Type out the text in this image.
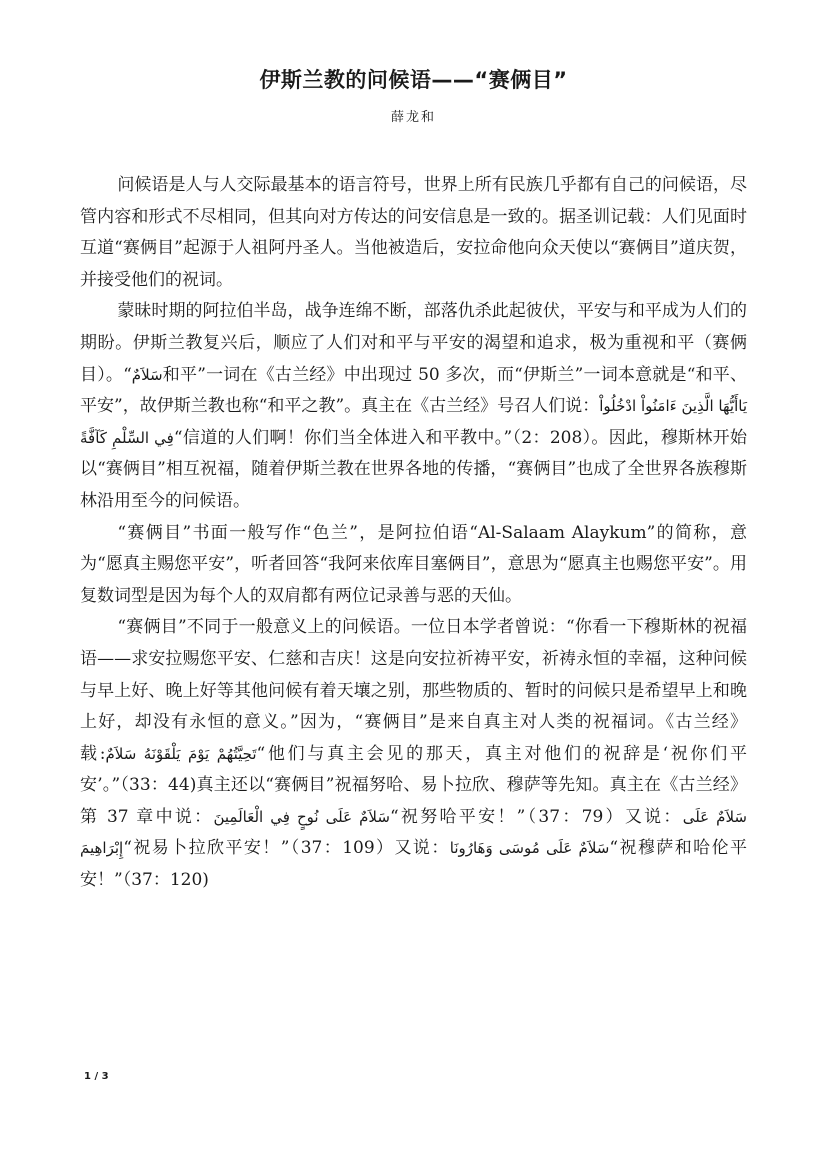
伊斯兰教的问候语——“赛俩目”
薛龙和

问候语是人与人交际最基本的语言符号，世界上所有民族几乎都有自己的问候语，尽管内容和形式不尽相同，但其向对方传达的问安信息是一致的。据圣训记载：人们见面时互道“赛俩目”起源于人祖阿丹圣人。当他被造后，安拉命他向众天使以“赛俩目”道庆贺，并接受他们的祝词。

蒙昧时期的阿拉伯半岛，战争连绵不断，部落仇杀此起彼伏，平安与和平成为人们的期盼。伊斯兰教复兴后，顺应了人们对和平与平安的渴望和追求，极为重视和平（赛俩目）。“سَلاَمٌ和平”一词在《古兰经》中出现过 50 多次，而“伊斯兰”一词本意就是“和平、平安”，故伊斯兰教也称“和平之教”。真主在《古兰经》号召人们说：يَاأَيُّهَا الَّذِينَ ءَامَنُواْ ادْخُلُواْ فِي السِّلْمِ كَآفَّةً“信道的人们啊！你们当全体进入和平教中。”（2：208）。因此，穆斯林开始以“赛俩目”相互祝福，随着伊斯兰教在世界各地的传播，“赛俩目”也成了全世界各族穆斯林沿用至今的问候语。

“赛俩目”书面一般写作“色兰”，是阿拉伯语“Al-Salaam Alaykum”的简称，意为“愿真主赐您平安”，听者回答“我阿来依库目塞俩目”，意思为“愿真主也赐您平安”。用复数词型是因为每个人的双肩都有两位记录善与恶的天仙。

“赛俩目”不同于一般意义上的问候语。一位日本学者曾说：“你看一下穆斯林的祝福语——求安拉赐您平安、仁慈和吉庆！这是向安拉祈祷平安，祈祷永恒的幸福，这种问候与早上好、晚上好等其他问候有着天壤之别，那些物质的、暂时的问候只是希望早上和晚上好，却没有永恒的意义。”因为，“赛俩目”是来自真主对人类的祝福词。《古兰经》载:تَحِيَّتُهُمْ يَوْمَ يَلْقَوْنَهُ سَلاَمٌ“他们与真主会见的那天，真主对他们的祝辞是‘祝你们平安’。”（33：44)真主还以“赛俩目”祝福努哈、易卜拉欣、穆萨等先知。真主在《古兰经》第 37 章中说：سَلاَمٌ عَلَى نُوحٍ فِي الْعَالَمِينَ“祝努哈平安！”（37：79）又说：سَلاَمٌ عَلَى إِبْرَاهِيمَ“祝易卜拉欣平安！”（37：109）又说：سَلاَمٌ عَلَى مُوسَى وَهَارُونَا“祝穆萨和哈伦平安！”（37：120)

1 / 3
